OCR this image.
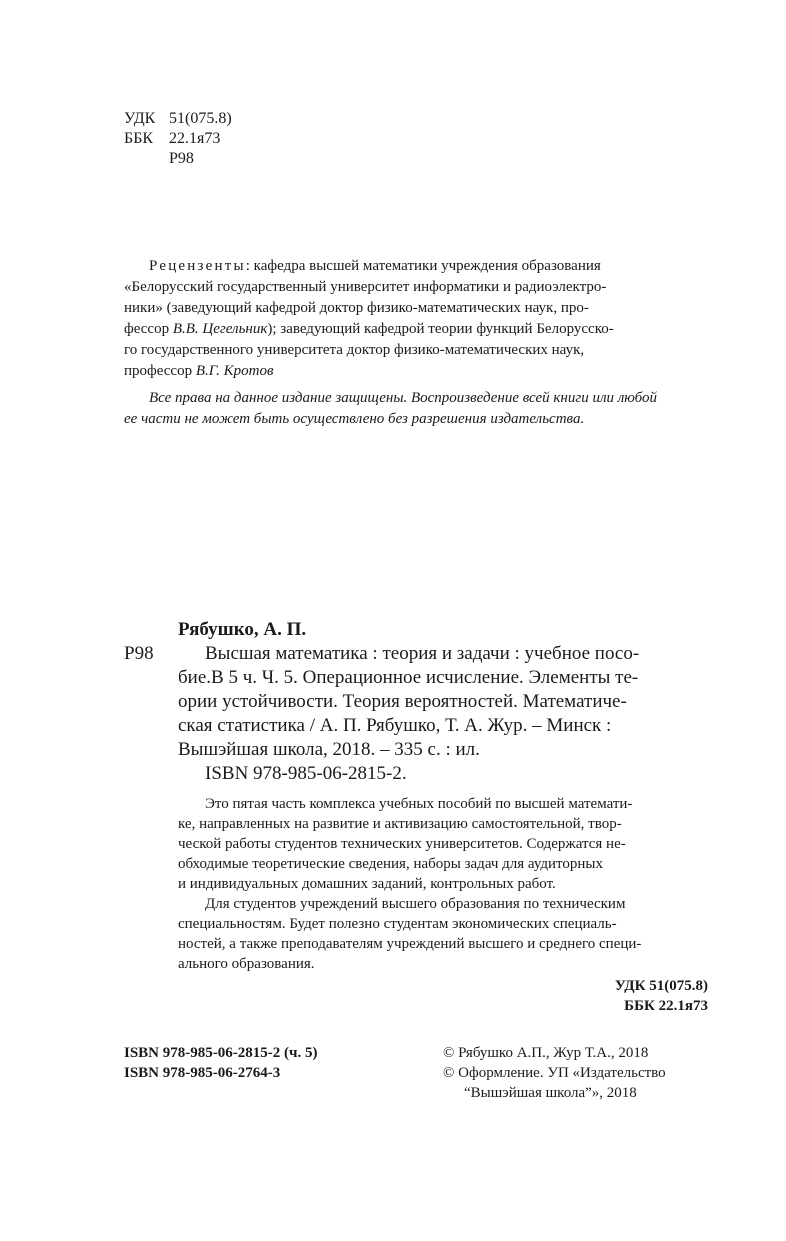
УДК 51(075.8)
ББК 22.1я73
Р98
Рецензенты: кафедра высшей математики учреждения образования
«Белорусский государственный университет информатики и радиоэлектро-
ники» (заведующий кафедрой доктор физико-математических наук, про-
фессор В.В. Цегельник); заведующий кафедрой теории функций Белорусско-
го государственного университета доктор физико-математических наук,
профессор В.Г. Кротов
Все права на данное издание защищены. Воспроизведение всей книги или любой
ее части не может быть осуществлено без разрешения издательства.
Рябушко, А. П.
Р98	Высшая математика : теория и задачи : учебное посо-
бие.В 5 ч. Ч. 5. Операционное исчисление. Элементы те-
ории устойчивости. Теория вероятностей. Математиче-
ская статистика / А. П. Рябушко, Т. А. Жур. – Минск :
Вышэйшая школа, 2018. – 335 с. : ил.
ISBN 978-985-06-2815-2.
Это пятая часть комплекса учебных пособий по высшей математи-
ке, направленных на развитие и активизацию самостоятельной, твор-
ческой работы студентов технических университетов. Содержатся не-
обходимые теоретические сведения, наборы задач для аудиторных
и индивидуальных домашних заданий, контрольных работ.
Для студентов учреждений высшего образования по техническим
специальностям. Будет полезно студентам экономических специаль-
ностей, а также преподавателям учреждений высшего и среднего специ-
ального образования.
УДК 51(075.8)
ББК 22.1я73
ISBN 978-985-06-2815-2 (ч. 5)
ISBN 978-985-06-2764-3
© Рябушко А.П., Жур Т.А., 2018
© Оформление. УП «Издательство
“Вышэйшая школа”», 2018
